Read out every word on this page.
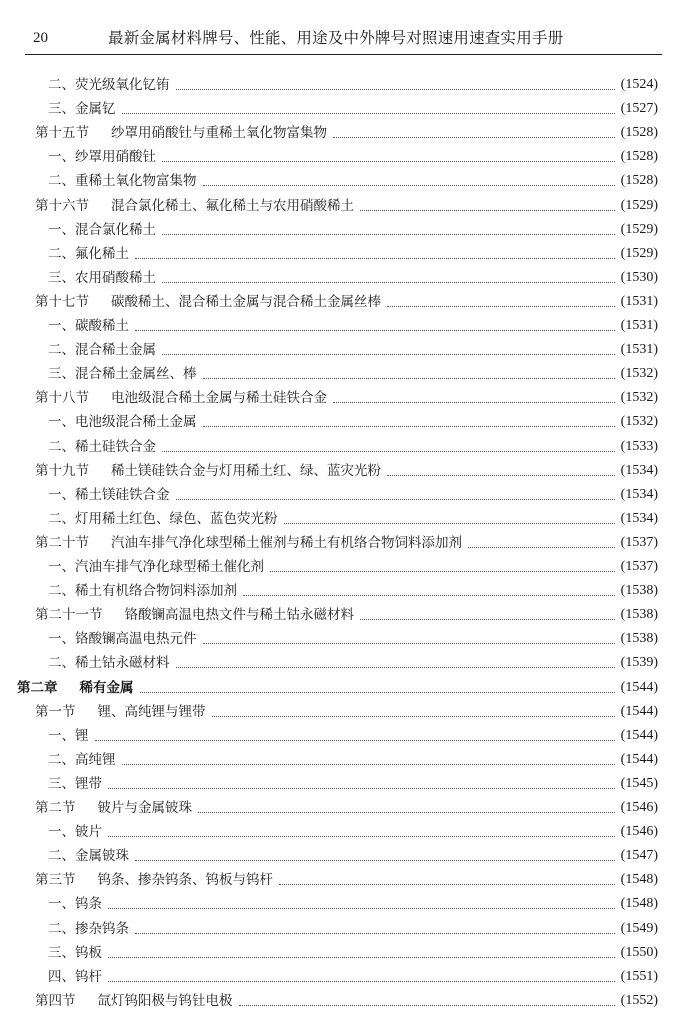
20	最新金属材料牌号、性能、用途及中外牌号对照速用速查实用手册
二、荧光级氧化钇铕	(1524)
三、金属钇	(1527)
第十五节 纱罩用硝酸钍与重稀土氧化物富集物	(1528)
一、纱罩用硝酸钍	(1528)
二、重稀土氧化物富集物	(1528)
第十六节 混合氯化稀土、氟化稀土与农用硝酸稀土	(1529)
一、混合氯化稀土	(1529)
二、氟化稀土	(1529)
三、农用硝酸稀土	(1530)
第十七节 碳酸稀土、混合稀土金属与混合稀土金属丝棒	(1531)
一、碳酸稀土	(1531)
二、混合稀土金属	(1531)
三、混合稀土金属丝、棒	(1532)
第十八节 电池级混合稀土金属与稀土硅铁合金	(1532)
一、电池级混合稀土金属	(1532)
二、稀土硅铁合金	(1533)
第十九节 稀土镁硅铁合金与灯用稀土红、绿、蓝灾光粉	(1534)
一、稀土镁硅铁合金	(1534)
二、灯用稀土红色、绿色、蓝色荧光粉	(1534)
第二十节 汽油车排气净化球型稀土催剂与稀土有机络合物饲料添加剂	(1537)
一、汽油车排气净化球型稀土催化剂	(1537)
二、稀土有机络合物饲料添加剂	(1538)
第二十一节 铬酸镧高温电热文件与稀土钴永磁材料	(1538)
一、铬酸镧高温电热元件	(1538)
二、稀土钴永磁材料	(1539)
第二章 稀有金属	(1544)
第一节 锂、高纯锂与锂带	(1544)
一、锂	(1544)
二、高纯锂	(1544)
三、锂带	(1545)
第二节 铍片与金属铍珠	(1546)
一、铍片	(1546)
二、金属铍珠	(1547)
第三节 钨条、掺杂钨条、钨板与钨杆	(1548)
一、钨条	(1548)
二、掺杂钨条	(1549)
三、钨板	(1550)
四、钨杆	(1551)
第四节 氙灯钨阳极与钨钍电极	(1552)
